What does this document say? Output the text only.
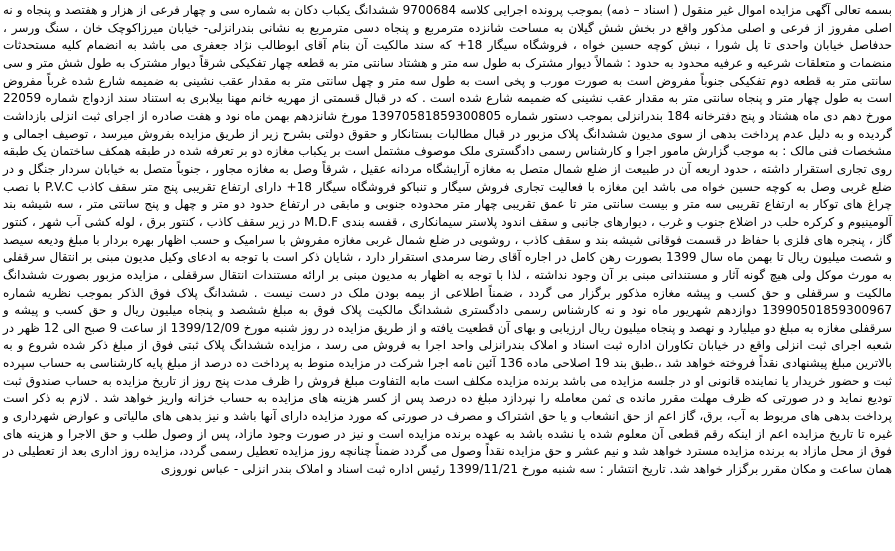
بسمه تعالی آگهی مزایده اموال غیر منقول ( اسناد – ذمه) بموجب پرونده اجرایی کلاسه 9700684 ششدانگ یکباب دکان به شماره سی و چهار فرعی از هزار و هفتصد و پنجاه و نه اصلی مفروز از فرعی و اصلی مذکور واقع در بخش شش گیلان به مساحت شانزده مترمربع و پنجاه دسی مترمربع به نشانی بندرانزلی- خیابان میرزاکوچک خان ، سنگ ورسر ، حدفاصل خیابان واحدی تا پل شورا ، نبش کوچه حسین خواه ، فروشگاه سیگار 18+ که سند مالکیت آن بنام آقای ابوطالب نژاد جعفری می باشد به انضمام کلیه مستحدثات منضمات و متعلقات شرعیه و عرفیه محدود به حدود : شمالاً دیوار مشترک به طول سه متر و هشتاد سانتی متر به قطعه چهار تفکیکی شرقاً دیوار مشترک به طول شش متر و سی سانتی متر به قطعه دوم تفکیکی جنوباً مفروض است به صورت مورب و پخی است به طول سه متر و چهل سانتی متر به مقدار عقب نشینی به ضمیمه شارع شده غرباً مفروض است به طول چهار متر و پنجاه سانتی متر به مقدار عقب نشینی که ضمیمه شارع شده است . که در قبال قسمتی از مهریه خانم مهنا بیلابری به استناد سند ازدواج شماره 22059 مورخ دهم دی ماه هشتاد و پنج دفترخانه 184 بندرانزلی بموجب دستور شماره 13970581859300805 مورخ شانزدهم بهمن ماه نود و هفت صادره از اجرای ثبت انزلی بازداشت گردیده و به دلیل عدم پرداخت بدهی از سوی مدیون ششدانگ پلاک مزبور در قبال مطالبات بستانکار و حقوق دولتی بشرح زیر از طریق مزایده بفروش میرسد ، توصیف اجمالی و مشخصات فنی مالک : به موجب گزارش مامور اجرا و کارشناس رسمی دادگستری ملک موصوف مشتمل است بر یکباب مغازه دو بر تعرفه شده در طبقه همکف ساختمان یک طبقه روی تجاری استقرار داشته ، حدود اربعه آن در طبیعت از ضلع شمال متصل به مغازه آرایشگاه مردانه عقیل ، شرقاً وصل به مغازه مجاور ، جنوباً متصل به خیابان سردار جنگل و در ضلع غربی وصل به کوچه حسین خواه می باشد این مغازه با فعالیت تجاری فروش سیگار و تنباکو فروشگاه سیگار 18+ دارای ارتفاع تقریبی پنج متر سقف کاذب P.V.C با نصب چراغ های توکار به ارتفاع تقریبی سه متر و بیست سانتی متر تا عمق تقریبی چهار متر محدوده جنوبی و مابقی در ارتفاع حدود دو متر و چهل و پنج سانتی متر ، سه شیشه بند آلومینیوم و کرکره حلب در اضلاع جنوب و غرب ، دیوارهای جانبی و سقف اندود پلاستر سیمانکاری ، قفسه بندی M.D.F در زیر سقف کاذب ، کنتور برق ، لوله کشی آب شهر ، کنتور گاز ، پنجره های فلزی با حفاظ در قسمت فوقانی شیشه بند و سقف کاذب ، روشویی در ضلع شمال غربی مغازه مفروش با سرامیک و حسب اظهار بهره بردار با مبلغ ودیعه سیصد و شصت میلیون ریال تا بهمن ماه سال 1399 بصورت رهن کامل در اجاره آقای رضا سرمدی استقرار دارد ، شایان ذکر است با توجه به ادعای وکیل مدیون مبنی بر انتقال سرقفلی به مورث موکل ولی هیچ گونه آثار و مستنداتی مبنی بر آن وجود نداشته ، لذا با توجه به اظهار به مدیون مبنی بر ارائه مستندات انتقال سرقفلی ، مزایده مزبور بصورت ششدانگ مالکیت و سرقفلی و حق کسب و پیشه مغازه مذکور برگزار می گردد ، ضمناً اطلاعی از بیمه بودن ملک در دست نیست . ششدانگ پلاک فوق الذکر بموجب نظریه شماره 13990501859300967 دوازدهم شهریور ماه نود و نه کارشناس رسمی دادگستری ششدانگ مالکیت پلاک فوق به مبلغ ششصد و پنجاه میلیون ریال و حق کسب و پیشه و سرقفلی مغازه به مبلغ دو میلیارد و نهصد و پنجاه میلیون ریال ارزیابی و بهای آن قطعیت یافته و از طریق مزایده در روز شنبه مورخ 1399/12/09 از ساعت 9 صبح الی 12 ظهر در شعبه اجرای ثبت انزلی واقع در خیابان تکاوران اداره ثبت اسناد و املاک بندرانزلی واحد اجرا به فروش می رسد ، مزایده ششدانگ پلاک ثبتی فوق از مبلغ ذکر شده شروع و به بالاترین مبلغ پیشنهادی نقداً فروخته خواهد شد ،.طبق بند 19 اصلاحی ماده 136 آئین نامه اجرا شرکت در مزایده منوط به پرداخت ده درصد از مبلغ پایه کارشناسی به حساب سپرده ثبت و حضور خریدار یا نماینده قانونی او در جلسه مزایده می باشد برنده مزایده مکلف است مابه التفاوت مبلغ فروش را ظرف مدت پنج روز از تاریخ مزایده به حساب صندوق ثبت تودیع نماید و در صورتی که ظرف مهلت مقرر مانده ی ثمن معامله را نپردازد مبلغ ده درصد پس از کسر هزینه های مزایده به حساب خزانه واریز خواهد شد . لازم به ذکر است پرداخت بدهی های مربوط به آب، برق، گاز اعم از حق انشعاب و یا حق اشتراک و مصرف در صورتی که مورد مزایده دارای آنها باشد و نیز بدهی های مالیاتی و عوارض شهرداری و غیره تا تاریخ مزایده اعم از اینکه رقم قطعی آن معلوم شده یا نشده باشد به عهده برنده مزایده است و نیز در صورت وجود مازاد، پس از وصول طلب و حق الاجرا و هزینه های فوق از محل مازاد به برنده مزایده مسترد خواهد شد و نیم عشر و حق مزایده نقداً وصول می گردد ضمناً چنانچه روز مزایده تعطیل رسمی گردد، مزایده روز اداری بعد از تعطیلی در همان ساعت و مکان مقرر برگزار خواهد شد. تاریخ انتشار : سه شنبه مورخ 1399/11/21 رئیس اداره ثبت اسناد و املاک بندر انزلی - عباس نوروزی
